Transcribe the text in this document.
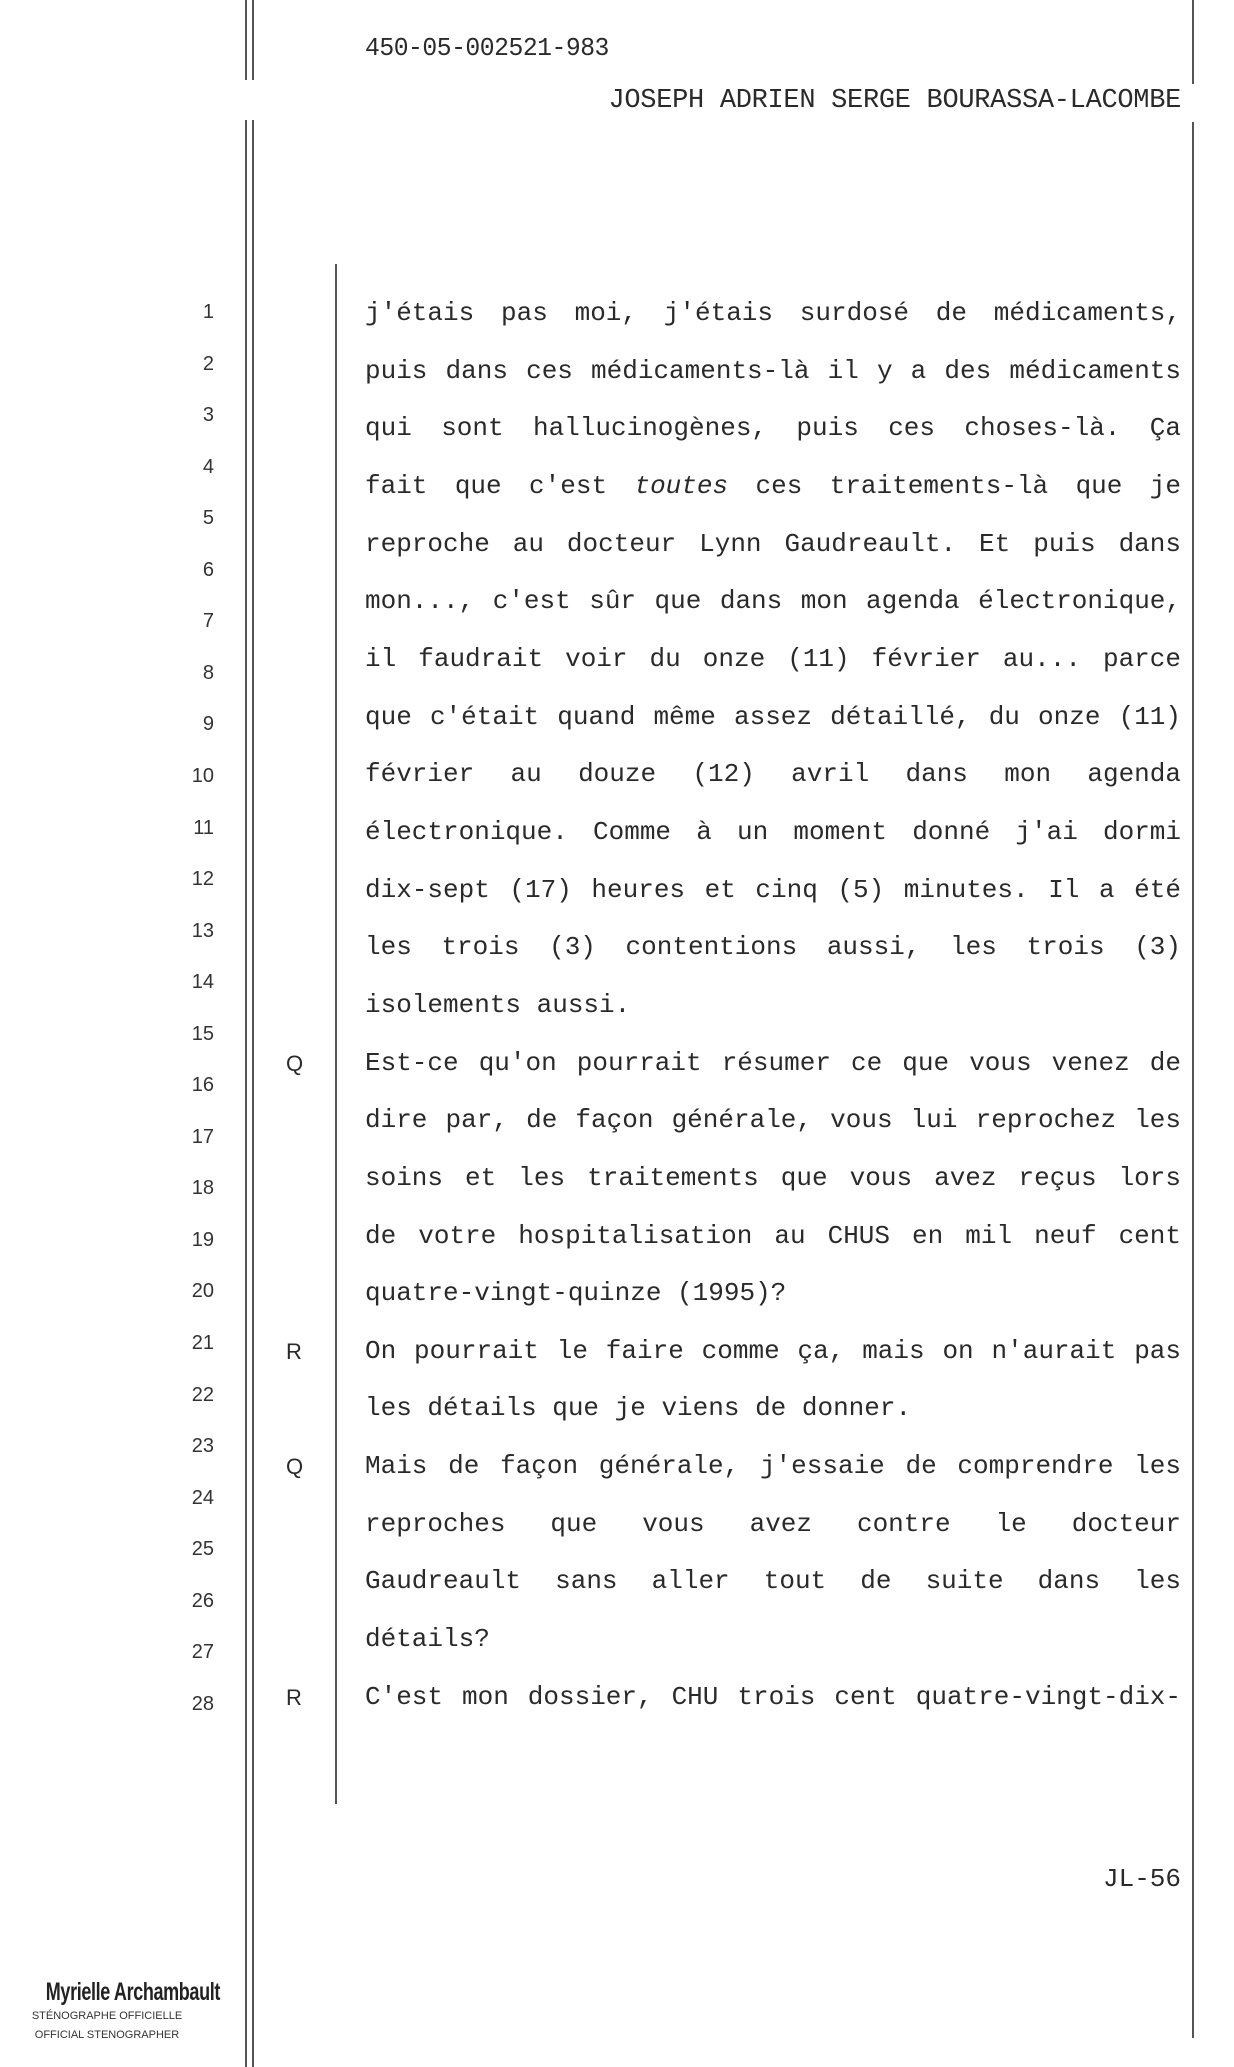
450-05-002521-983
JOSEPH ADRIEN SERGE BOURASSA-LACOMBE
1
2
3
4
5
6
7
8
9
10
11
12
13
14
15
16
17
18
19
20
21
22
23
24
25
26
27
28
Q
R
Q
R
j'étais pas moi, j'étais surdosé de médicaments,
puis dans ces médicaments-là il y a des médicaments
qui sont hallucinogènes, puis ces choses-là. Ça
fait que c'est toutes ces traitements-là que je
reproche au docteur Lynn Gaudreault. Et puis dans
mon..., c'est sûr que dans mon agenda électronique,
il faudrait voir du onze (11) février au... parce
que c'était quand même assez détaillé, du onze (11)
février au douze (12) avril dans mon agenda
électronique. Comme à un moment donné j'ai dormi
dix-sept (17) heures et cinq (5) minutes. Il a été
les trois (3) contentions aussi, les trois (3)
isolements aussi.
Est-ce qu'on pourrait résumer ce que vous venez de
dire par, de façon générale, vous lui reprochez les
soins et les traitements que vous avez reçus lors
de votre hospitalisation au CHUS en mil neuf cent
quatre-vingt-quinze (1995)?
On pourrait le faire comme ça, mais on n'aurait pas
les détails que je viens de donner.
Mais de façon générale, j'essaie de comprendre les
reproches que vous avez contre le docteur
Gaudreault sans aller tout de suite dans les
détails?
C'est mon dossier, CHU trois cent quatre-vingt-dix-
JL-56
Myrielle Archambault
STÉNOGRAPHE OFFICIELLE
OFFICIAL STENOGRAPHER
